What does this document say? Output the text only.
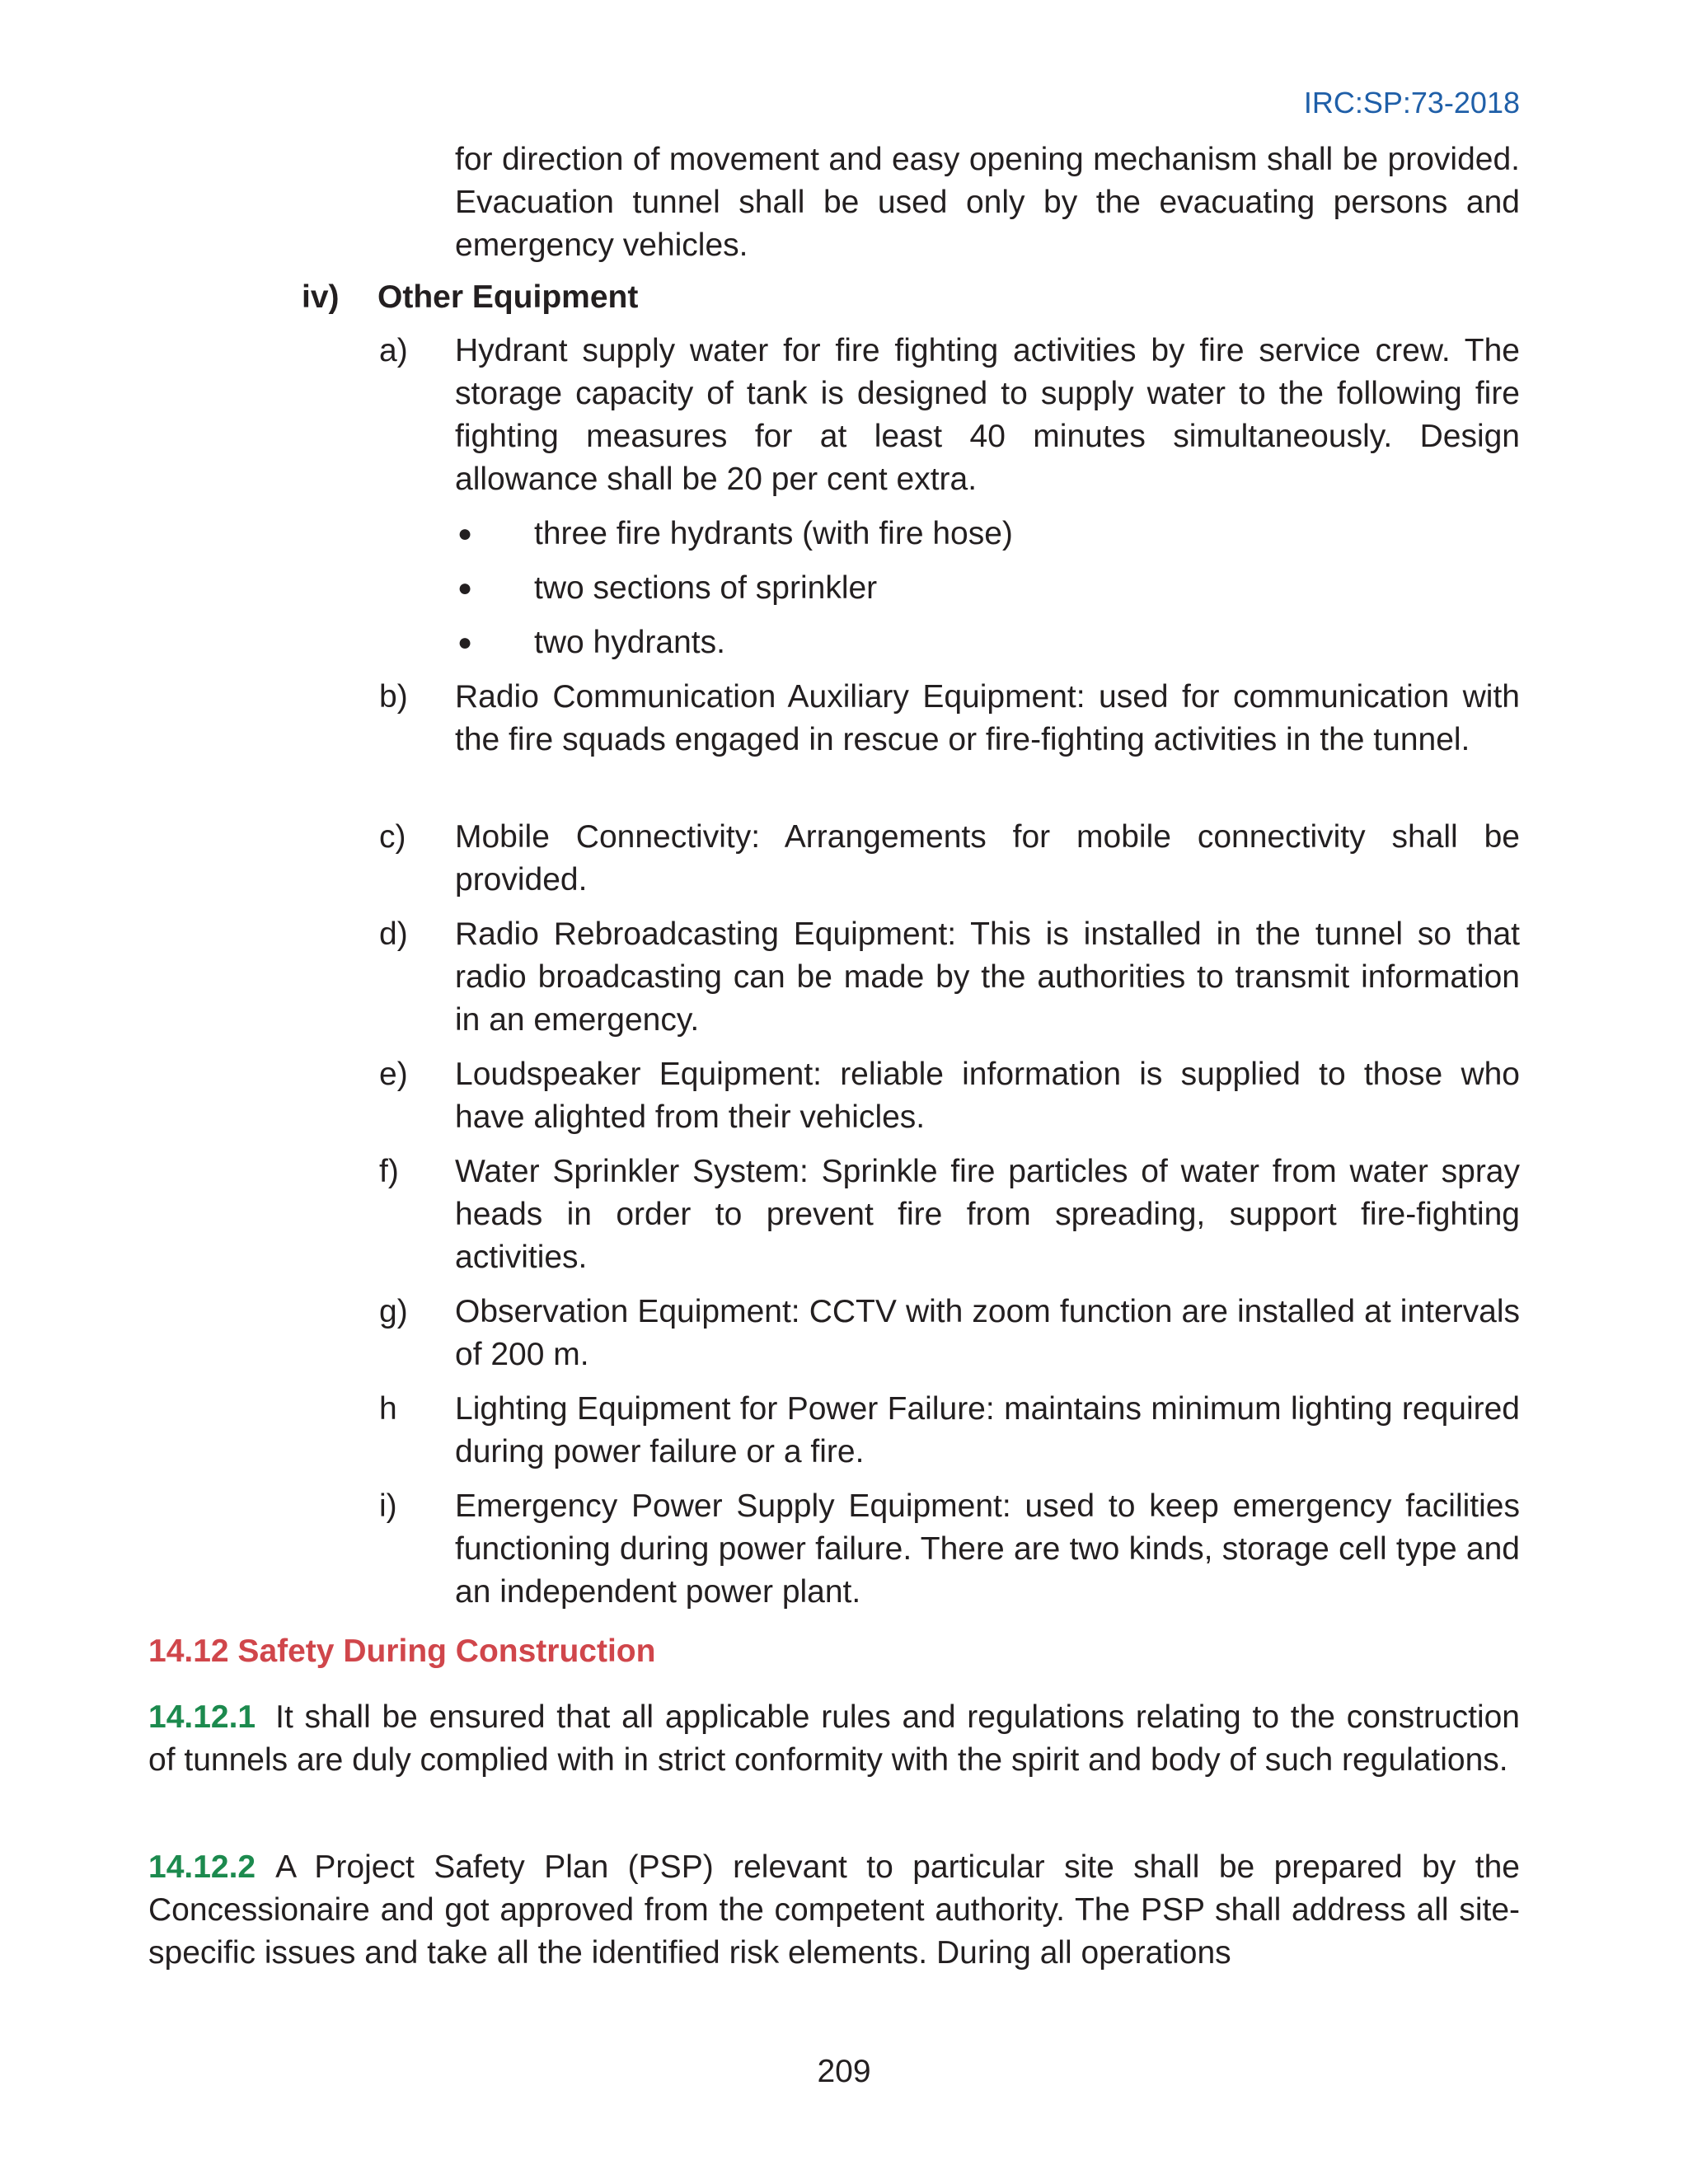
IRC:SP:73-2018

for direction of movement and easy opening mechanism shall be provided. Evacuation tunnel shall be used only by the evacuating persons and emergency vehicles.

iv) Other Equipment
a)	Hydrant supply water for fire fighting activities by fire service crew. The storage capacity of tank is designed to supply water to the following fire fighting measures for at least 40 minutes simultaneously. Design allowance shall be 20 per cent extra.
● three fire hydrants (with fire hose)
● two sections of sprinkler
● two hydrants.
b)	Radio Communication Auxiliary Equipment: used for communication with the fire squads engaged in rescue or fire-fighting activities in the tunnel.
c)	Mobile Connectivity: Arrangements for mobile connectivity shall be provided.
d)	Radio Rebroadcasting Equipment: This is installed in the tunnel so that radio broadcasting can be made by the authorities to transmit information in an emergency.
e)	Loudspeaker Equipment: reliable information is supplied to those who have alighted from their vehicles.
f)	Water Sprinkler System: Sprinkle fire particles of water from water spray heads in order to prevent fire from spreading, support fire-fighting activities.
g)	Observation Equipment: CCTV with zoom function are installed at intervals of 200 m.
h	Lighting Equipment for Power Failure: maintains minimum lighting required during power failure or a fire.
i)	Emergency Power Supply Equipment: used to keep emergency facilities functioning during power failure. There are two kinds, storage cell type and an independent power plant.
14.12 Safety During Construction

14.12.1 It shall be ensured that all applicable rules and regulations relating to the construction of tunnels are duly complied with in strict conformity with the spirit and body of such regulations.

14.12.2 A Project Safety Plan (PSP) relevant to particular site shall be prepared by the Concessionaire and got approved from the competent authority. The PSP shall address all site-specific issues and take all the identified risk elements. During all operations

209
